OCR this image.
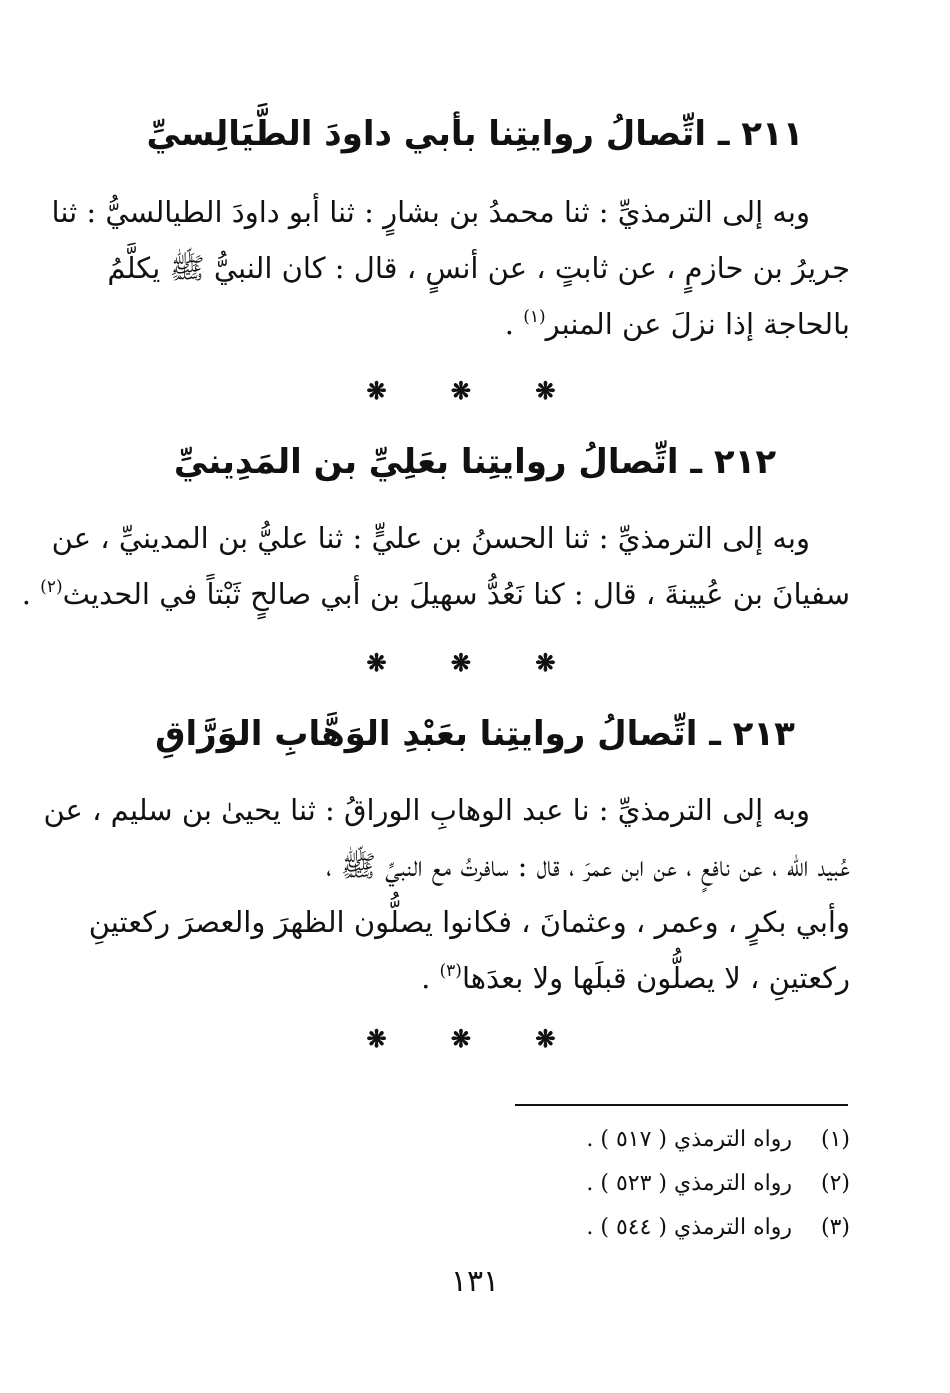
٢١١ ـ اتِّصالُ روايتِنا بأبي داودَ الطَّيَالِسيِّ
وبه إلى الترمذيِّ : ثنا محمدُ بن بشارٍ : ثنا أبو داودَ الطيالسيُّ : ثنا
جريرُ بن حازمٍ ، عن ثابتٍ ، عن أنسٍ ، قال : كان النبيُّ ﷺ يكلَّمُ
بالحاجة إذا نزلَ عن المنبر$^{(١)}$ .
❋ ❋ ❋
٢١٢ ـ اتِّصالُ روايتِنا بعَلِيِّ بن المَدِينيِّ
وبه إلى الترمذيِّ : ثنا الحسنُ بن عليٍّ : ثنا عليُّ بن المدينيِّ ، عن
سفيانَ بن عُيينةَ ، قال : كنا نَعُدُّ سهيلَ بن أبي صالحٍ ثَبْتاً في الحديث$^{(٢)}$ .
❋ ❋ ❋
٢١٣ ـ اتِّصالُ روايتِنا بعَبْدِ الوَهَّابِ الوَرَّاقِ
وبه إلى الترمذيِّ : نا عبد الوهابِ الوراقُ : ثنا يحيىٰ بن سليم ، عن
عُبيد الله ، عن نافعٍ ، عن ابن عمرَ ، قال : سافرتُ مع النبيِّ ﷺ ،
وأبي بكرٍ ، وعمر ، وعثمانَ ، فكانوا يصلُّون الظهرَ والعصرَ ركعتينِ
ركعتينِ ، لا يصلُّون قبلَها ولا بعدَها$^{(٣)}$ .
❋ ❋ ❋
(١)رواه الترمذي ( ٥١٧ ) .
(٢)رواه الترمذي ( ٥٢٣ ) .
(٣)رواه الترمذي ( ٥٤٤ ) .
١٣١
